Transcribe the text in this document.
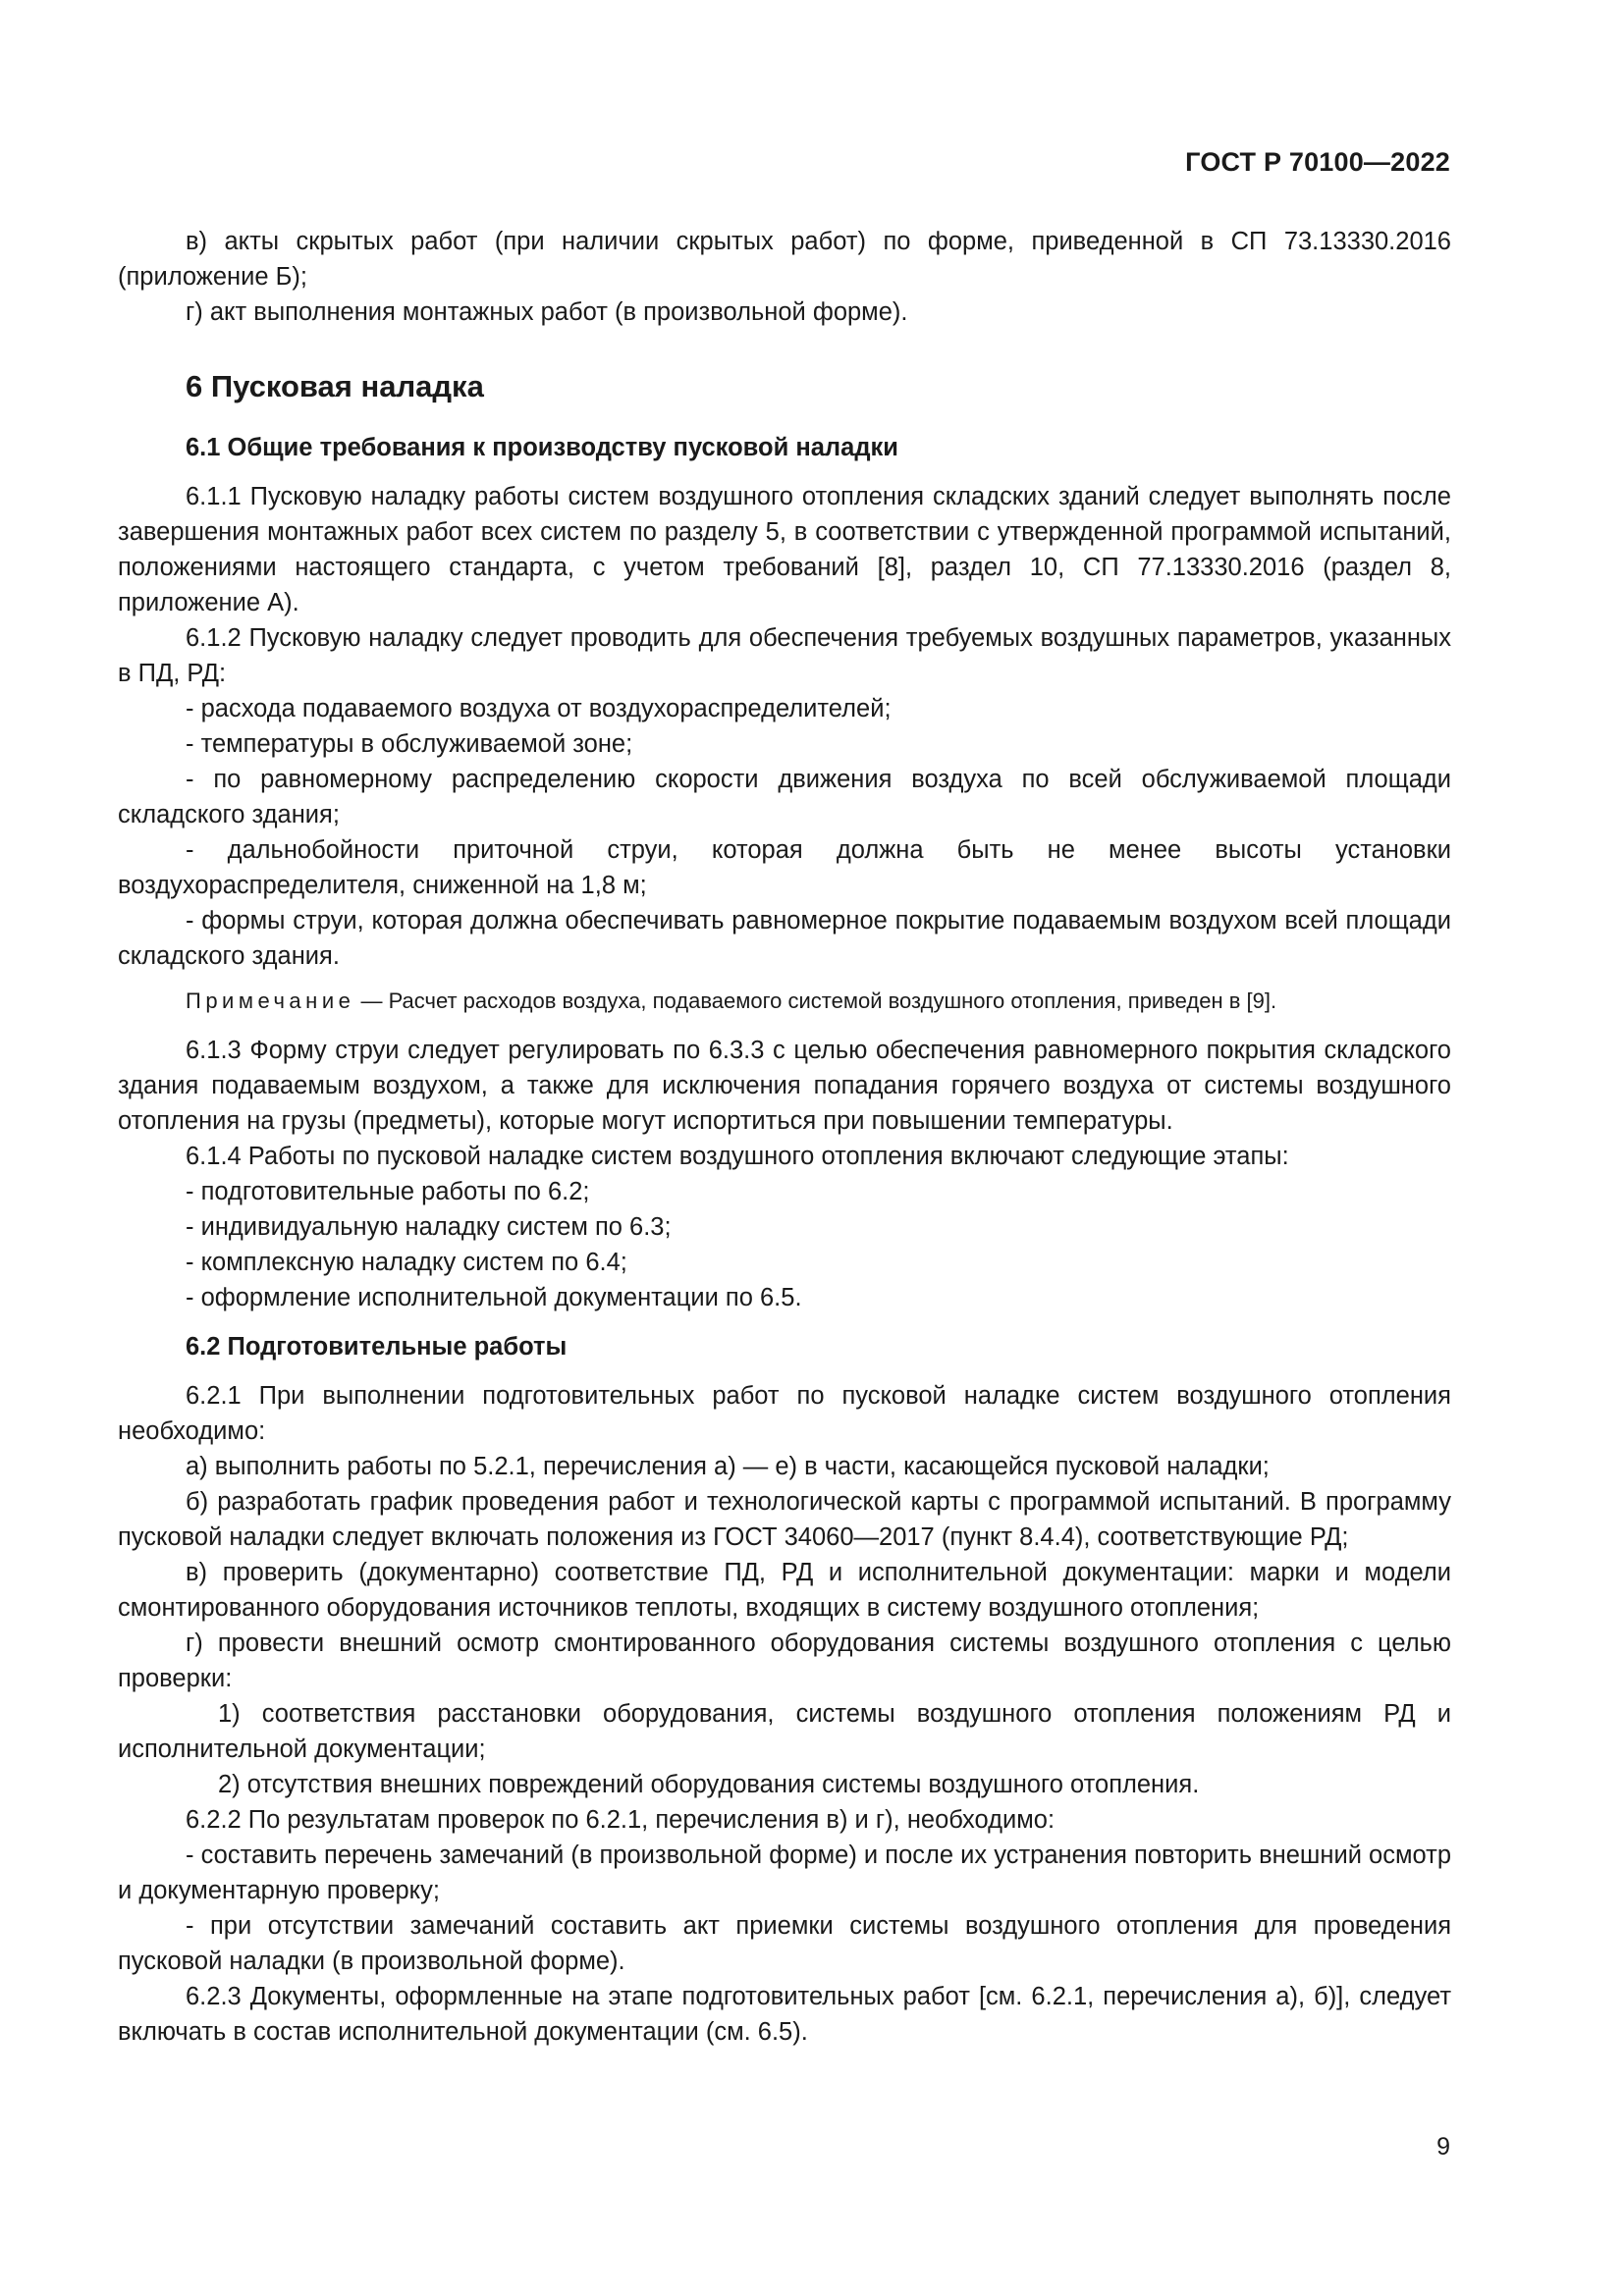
ГОСТ Р 70100—2022

в) акты скрытых работ (при наличии скрытых работ) по форме, приведенной в СП 73.13330.2016 (приложение Б);

г) акт выполнения монтажных работ (в произвольной форме).

6 Пусковая наладка

6.1 Общие требования к производству пусковой наладки

6.1.1 Пусковую наладку работы систем воздушного отопления складских зданий следует выполнять после завершения монтажных работ всех систем по разделу 5, в соответствии с утвержденной программой испытаний, положениями настоящего стандарта, с учетом требований [8], раздел 10, СП 77.13330.2016 (раздел 8, приложение А).

6.1.2 Пусковую наладку следует проводить для обеспечения требуемых воздушных параметров, указанных в ПД, РД:

- расхода подаваемого воздуха от воздухораспределителей;

- температуры в обслуживаемой зоне;

- по равномерному распределению скорости движения воздуха по всей обслуживаемой площади складского здания;

- дальнобойности приточной струи, которая должна быть не менее высоты установки воздухораспределителя, сниженной на 1,8 м;

- формы струи, которая должна обеспечивать равномерное покрытие подаваемым воздухом всей площади складского здания.

Примечание — Расчет расходов воздуха, подаваемого системой воздушного отопления, приведен в [9].

6.1.3 Форму струи следует регулировать по 6.3.3 с целью обеспечения равномерного покрытия складского здания подаваемым воздухом, а также для исключения попадания горячего воздуха от системы воздушного отопления на грузы (предметы), которые могут испортиться при повышении температуры.

6.1.4 Работы по пусковой наладке систем воздушного отопления включают следующие этапы:

- подготовительные работы по 6.2;

- индивидуальную наладку систем по 6.3;

- комплексную наладку систем по 6.4;

- оформление исполнительной документации по 6.5.

6.2 Подготовительные работы

6.2.1 При выполнении подготовительных работ по пусковой наладке систем воздушного отопления необходимо:

а) выполнить работы по 5.2.1, перечисления а) — е) в части, касающейся пусковой наладки;

б) разработать график проведения работ и технологической карты с программой испытаний. В программу пусковой наладки следует включать положения из ГОСТ 34060—2017 (пункт 8.4.4), соответствующие РД;

в) проверить (документарно) соответствие ПД, РД и исполнительной документации: марки и модели смонтированного оборудования источников теплоты, входящих в систему воздушного отопления;

г) провести внешний осмотр смонтированного оборудования системы воздушного отопления с целью проверки:

1) соответствия расстановки оборудования, системы воздушного отопления положениям РД и исполнительной документации;

2) отсутствия внешних повреждений оборудования системы воздушного отопления.

6.2.2 По результатам проверок по 6.2.1, перечисления в) и г), необходимо:

- составить перечень замечаний (в произвольной форме) и после их устранения повторить внешний осмотр и документарную проверку;

- при отсутствии замечаний составить акт приемки системы воздушного отопления для проведения пусковой наладки (в произвольной форме).

6.2.3 Документы, оформленные на этапе подготовительных работ [см. 6.2.1, перечисления а), б)], следует включать в состав исполнительной документации (см. 6.5).

9
